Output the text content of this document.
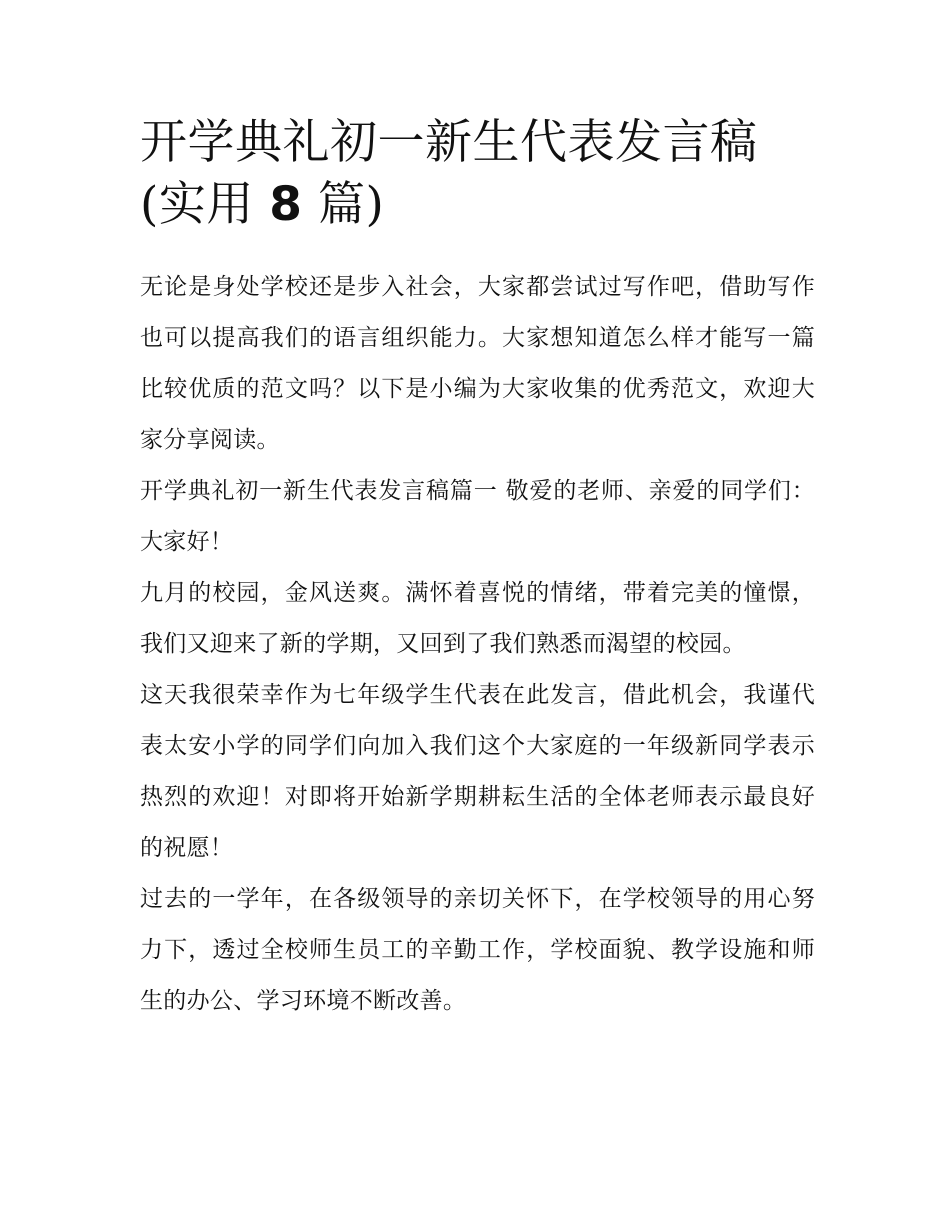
开学典礼初一新生代表发言稿
(实用 8 篇)

无论是身处学校还是步入社会，大家都尝试过写作吧，借助写作也可以提高我们的语言组织能力。大家想知道怎么样才能写一篇比较优质的范文吗？以下是小编为大家收集的优秀范文，欢迎大家分享阅读。

开学典礼初一新生代表发言稿篇一 敬爱的老师、亲爱的同学们： 大家好！

九月的校园，金风送爽。满怀着喜悦的情绪，带着完美的憧憬，我们又迎来了新的学期，又回到了我们熟悉而渴望的校园。

这天我很荣幸作为七年级学生代表在此发言，借此机会，我谨代表太安小学的同学们向加入我们这个大家庭的一年级新同学表示热烈的欢迎！对即将开始新学期耕耘生活的全体老师表示最良好的祝愿！

过去的一学年，在各级领导的亲切关怀下，在学校领导的用心努力下，透过全校师生员工的辛勤工作，学校面貌、教学设施和师生的办公、学习环境不断改善。
